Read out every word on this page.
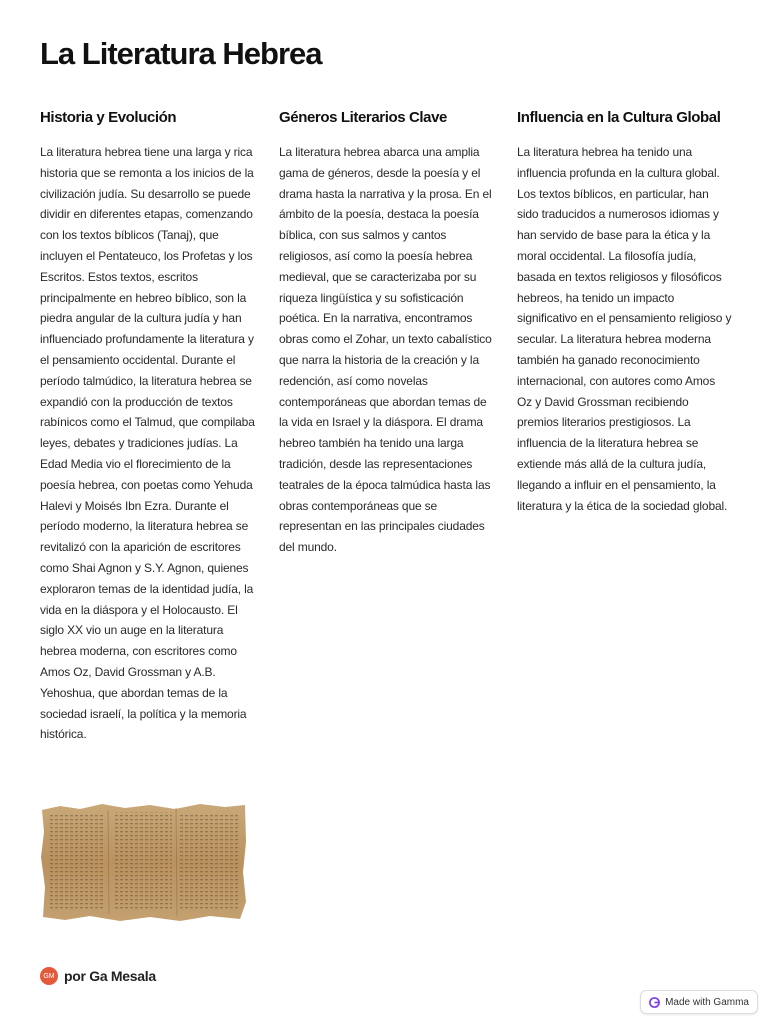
La Literatura Hebrea
Historia y Evolución

La literatura hebrea tiene una larga y rica historia que se remonta a los inicios de la civilización judía. Su desarrollo se puede dividir en diferentes etapas, comenzando con los textos bíblicos (Tanaj), que incluyen el Pentateuco, los Profetas y los Escritos. Estos textos, escritos principalmente en hebreo bíblico, son la piedra angular de la cultura judía y han influenciado profundamente la literatura y el pensamiento occidental. Durante el período talmúdico, la literatura hebrea se expandió con la producción de textos rabínicos como el Talmud, que compilaba leyes, debates y tradiciones judías. La Edad Media vio el florecimiento de la poesía hebrea, con poetas como Yehuda Halevi y Moisés Ibn Ezra. Durante el período moderno, la literatura hebrea se revitalizó con la aparición de escritores como Shai Agnon y S.Y. Agnon, quienes exploraron temas de la identidad judía, la vida en la diáspora y el Holocausto. El siglo XX vio un auge en la literatura hebrea moderna, con escritores como Amos Oz, David Grossman y A.B. Yehoshua, que abordan temas de la sociedad israelí, la política y la memoria histórica.

Géneros Literarios Clave

La literatura hebrea abarca una amplia gama de géneros, desde la poesía y el drama hasta la narrativa y la prosa. En el ámbito de la poesía, destaca la poesía bíblica, con sus salmos y cantos religiosos, así como la poesía hebrea medieval, que se caracterizaba por su riqueza lingüística y su sofisticación poética. En la narrativa, encontramos obras como el Zohar, un texto cabalístico que narra la historia de la creación y la redención, así como novelas contemporáneas que abordan temas de la vida en Israel y la diáspora. El drama hebreo también ha tenido una larga tradición, desde las representaciones teatrales de la época talmúdica hasta las obras contemporáneas que se representan en las principales ciudades del mundo.

Influencia en la Cultura Global

La literatura hebrea ha tenido una influencia profunda en la cultura global. Los textos bíblicos, en particular, han sido traducidos a numerosos idiomas y han servido de base para la ética y la moral occidental. La filosofía judía, basada en textos religiosos y filosóficos hebreos, ha tenido un impacto significativo en el pensamiento religioso y secular. La literatura hebrea moderna también ha ganado reconocimiento internacional, con autores como Amos Oz y David Grossman recibiendo premios literarios prestigiosos. La influencia de la literatura hebrea se extiende más allá de la cultura judía, llegando a influir en el pensamiento, la literatura y la ética de la sociedad global.

GM por Ga Mesala
Made with Gamma
